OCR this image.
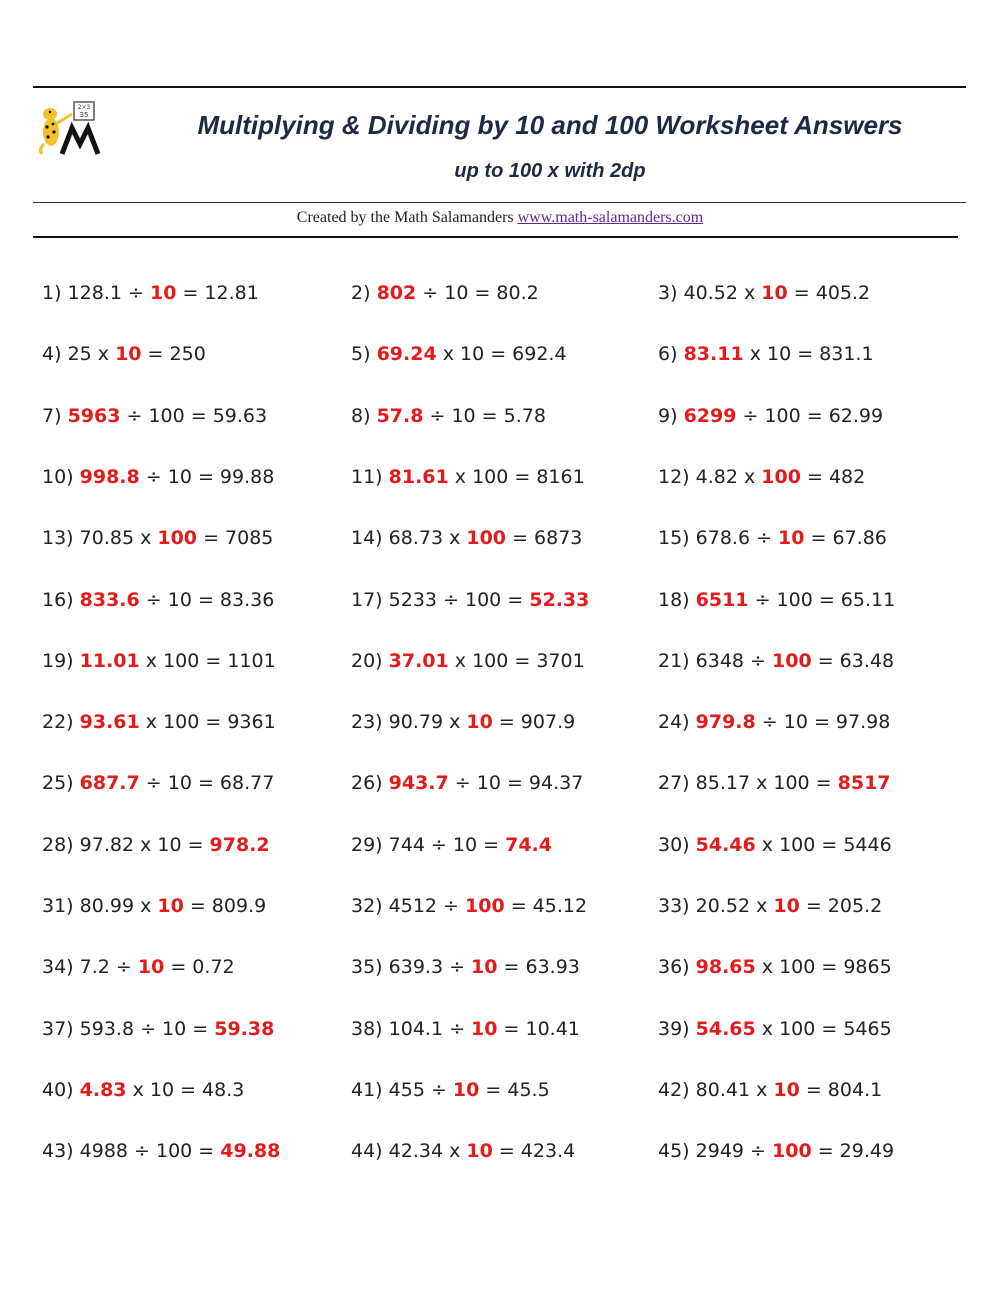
2×3
35	Multiplying & Dividing by 10 and 100 Worksheet Answers
up to 100 x with 2dp
Created by the Math Salamanders www.math-salamanders.com
1) 128.1 ÷ 10 = 12.81	2) 802 ÷ 10 = 80.2	3) 40.52 x 10 = 405.2
4) 25 x 10 = 250	5) 69.24 x 10 = 692.4	6) 83.11 x 10 = 831.1
7) 5963 ÷ 100 = 59.63	8) 57.8 ÷ 10 = 5.78	9) 6299 ÷ 100 = 62.99
10) 998.8 ÷ 10 = 99.88	11) 81.61 x 100 = 8161	12) 4.82 x 100 = 482
13) 70.85 x 100 = 7085	14) 68.73 x 100 = 6873	15) 678.6 ÷ 10 = 67.86
16) 833.6 ÷ 10 = 83.36	17) 5233 ÷ 100 = 52.33	18) 6511 ÷ 100 = 65.11
19) 11.01 x 100 = 1101	20) 37.01 x 100 = 3701	21) 6348 ÷ 100 = 63.48
22) 93.61 x 100 = 9361	23) 90.79 x 10 = 907.9	24) 979.8 ÷ 10 = 97.98
25) 687.7 ÷ 10 = 68.77	26) 943.7 ÷ 10 = 94.37	27) 85.17 x 100 = 8517
28) 97.82 x 10 = 978.2	29) 744 ÷ 10 = 74.4	30) 54.46 x 100 = 5446
31) 80.99 x 10 = 809.9	32) 4512 ÷ 100 = 45.12	33) 20.52 x 10 = 205.2
34) 7.2 ÷ 10 = 0.72	35) 639.3 ÷ 10 = 63.93	36) 98.65 x 100 = 9865
37) 593.8 ÷ 10 = 59.38	38) 104.1 ÷ 10 = 10.41	39) 54.65 x 100 = 5465
40) 4.83 x 10 = 48.3	41) 455 ÷ 10 = 45.5	42) 80.41 x 10 = 804.1
43) 4988 ÷ 100 = 49.88	44) 42.34 x 10 = 423.4	45) 2949 ÷ 100 = 29.49
